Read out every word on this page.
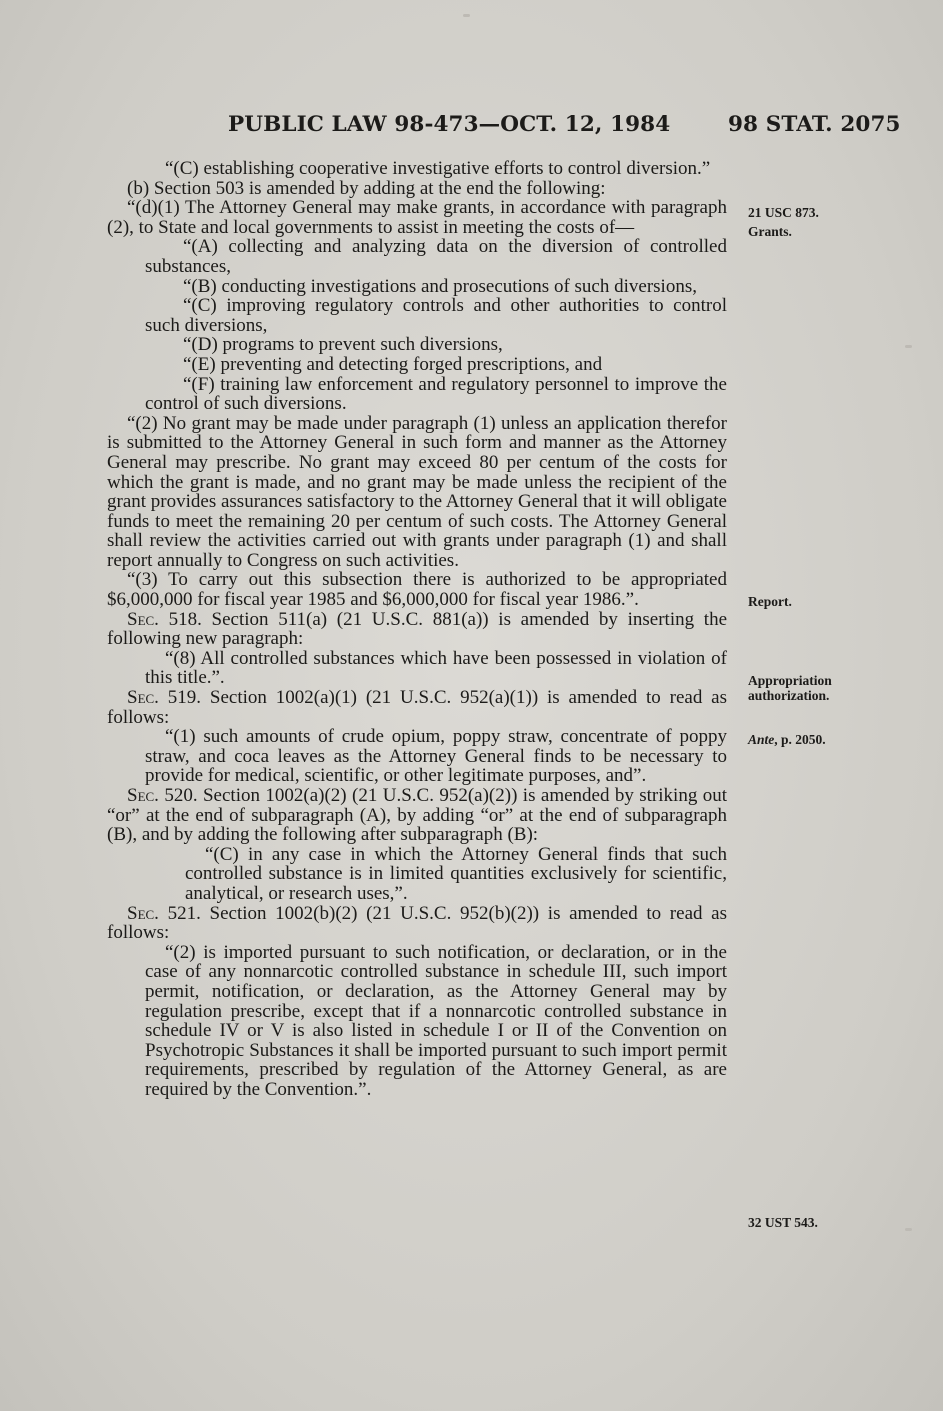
PUBLIC LAW 98-473—OCT. 12, 1984	98 STAT. 2075

“(C) establishing cooperative investigative efforts to control diversion.”

(b) Section 503 is amended by adding at the end the following:

“(d)(1) The Attorney General may make grants, in accordance with paragraph (2), to State and local governments to assist in meeting the costs of—

“(A) collecting and analyzing data on the diversion of controlled substances,

“(B) conducting investigations and prosecutions of such diversions,

“(C) improving regulatory controls and other authorities to control such diversions,

“(D) programs to prevent such diversions,

“(E) preventing and detecting forged prescriptions, and

“(F) training law enforcement and regulatory personnel to improve the control of such diversions.

“(2) No grant may be made under paragraph (1) unless an application therefor is submitted to the Attorney General in such form and manner as the Attorney General may prescribe. No grant may exceed 80 per centum of the costs for which the grant is made, and no grant may be made unless the recipient of the grant provides assurances satisfactory to the Attorney General that it will obligate funds to meet the remaining 20 per centum of such costs. The Attorney General shall review the activities carried out with grants under paragraph (1) and shall report annually to Congress on such activities.

“(3) To carry out this subsection there is authorized to be appropriated $6,000,000 for fiscal year 1985 and $6,000,000 for fiscal year 1986.”.

Sec. 518. Section 511(a) (21 U.S.C. 881(a)) is amended by inserting the following new paragraph:

“(8) All controlled substances which have been possessed in violation of this title.”.

Sec. 519. Section 1002(a)(1) (21 U.S.C. 952(a)(1)) is amended to read as follows:

“(1) such amounts of crude opium, poppy straw, concentrate of poppy straw, and coca leaves as the Attorney General finds to be necessary to provide for medical, scientific, or other legitimate purposes, and”.

Sec. 520. Section 1002(a)(2) (21 U.S.C. 952(a)(2)) is amended by striking out “or” at the end of subparagraph (A), by adding “or” at the end of subparagraph (B), and by adding the following after subparagraph (B):

“(C) in any case in which the Attorney General finds that such controlled substance is in limited quantities exclusively for scientific, analytical, or research uses,”.

Sec. 521. Section 1002(b)(2) (21 U.S.C. 952(b)(2)) is amended to read as follows:

“(2) is imported pursuant to such notification, or declaration, or in the case of any nonnarcotic controlled substance in schedule III, such import permit, notification, or declaration, as the Attorney General may by regulation prescribe, except that if a nonnarcotic controlled substance in schedule IV or V is also listed in schedule I or II of the Convention on Psychotropic Substances it shall be imported pursuant to such import permit requirements, prescribed by regulation of the Attorney General, as are required by the Convention.”.

21 USC 873.
Grants.
Report.
Appropriation
authorization.
Ante, p. 2050.
32 UST 543.
